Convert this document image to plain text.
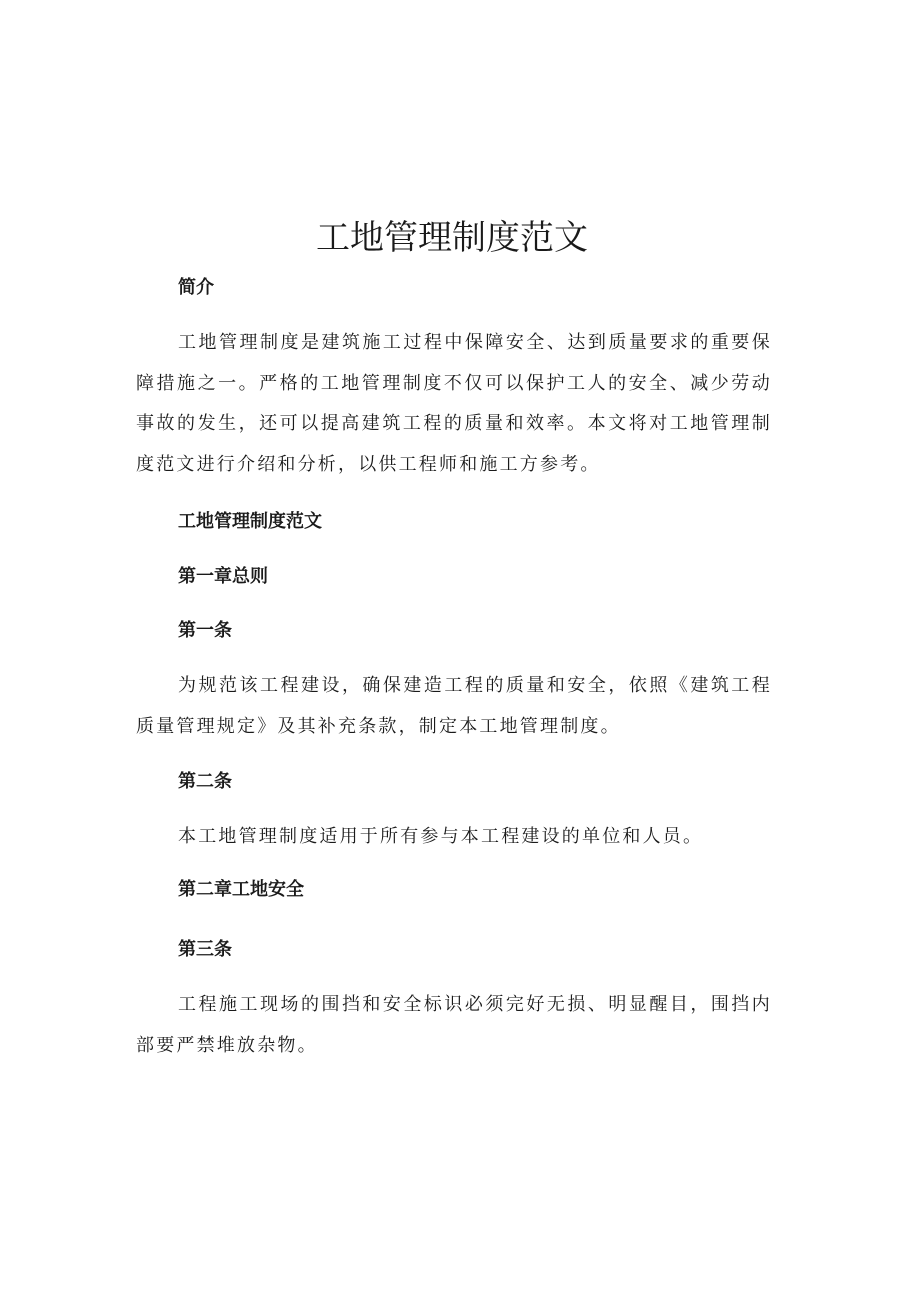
工地管理制度范文

简介

工地管理制度是建筑施工过程中保障安全、达到质量要求的重要保障措施之一。严格的工地管理制度不仅可以保护工人的安全、减少劳动事故的发生，还可以提高建筑工程的质量和效率。本文将对工地管理制度范文进行介绍和分析，以供工程师和施工方参考。

工地管理制度范文

第一章总则

第一条

为规范该工程建设，确保建造工程的质量和安全，依照《建筑工程质量管理规定》及其补充条款，制定本工地管理制度。

第二条

本工地管理制度适用于所有参与本工程建设的单位和人员。

第二章工地安全

第三条

工程施工现场的围挡和安全标识必须完好无损、明显醒目，围挡内部要严禁堆放杂物。
